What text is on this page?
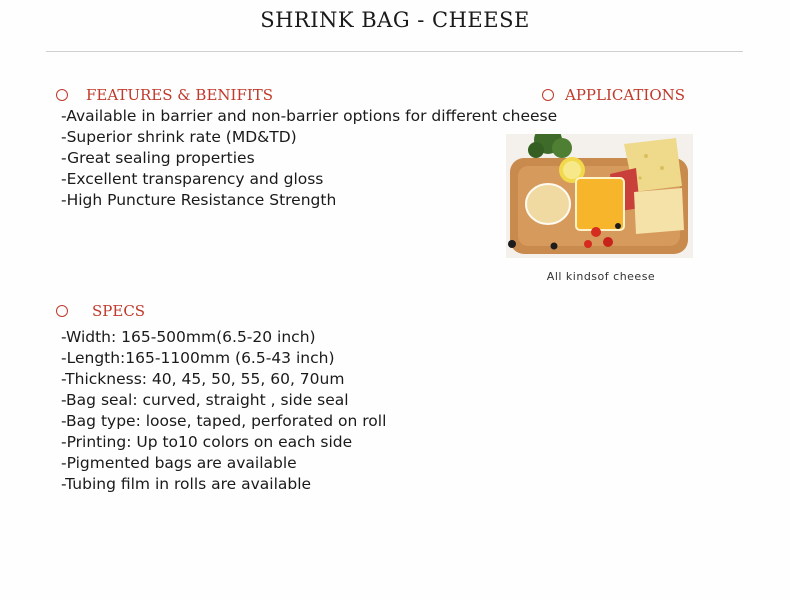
SHRINK BAG - CHEESE
FEATURES & BENIFITS	APPLICATIONS
-Available in barrier and non-barrier options for different cheese
-Superior shrink rate (MD&TD)
-Great sealing properties
-Excellent transparency and gloss
-High Puncture Resistance Strength
All kindsof cheese
SPECS
-Width: 165-500mm(6.5-20 inch)
-Length:165-1100mm (6.5-43 inch)
-Thickness: 40, 45, 50, 55, 60, 70um
-Bag seal: curved, straight , side seal
-Bag type: loose, taped, perforated on roll
-Printing: Up to10 colors on each side
-Pigmented bags are available
-Tubing film in rolls are available
